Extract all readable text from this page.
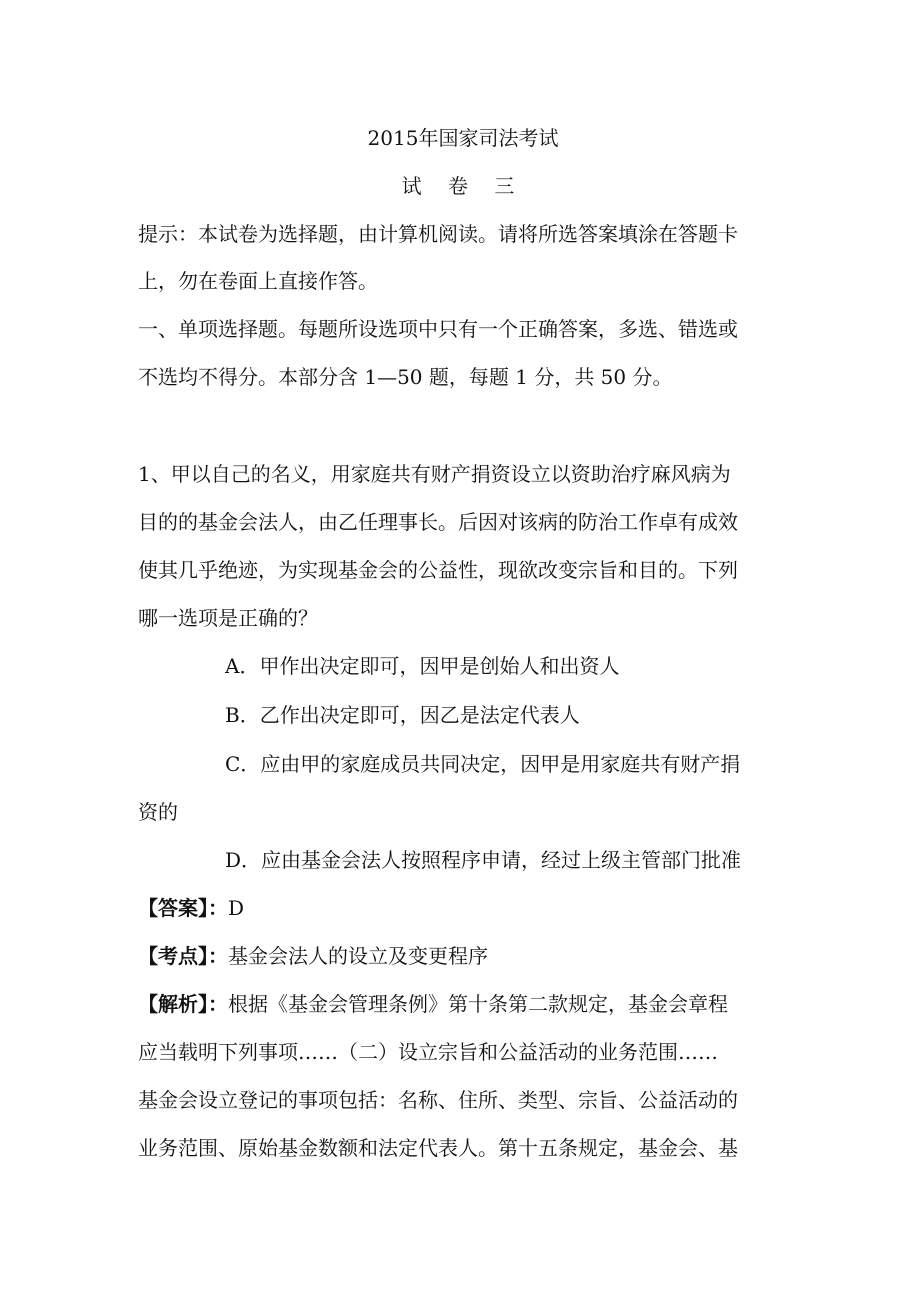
2015年国家司法考试
试 卷 三
提示：本试卷为选择题，由计算机阅读。请将所选答案填涂在答题卡
上，勿在卷面上直接作答。
一、单项选择题。每题所设选项中只有一个正确答案，多选、错选或
不选均不得分。本部分含 1—50 题，每题 1 分，共 50 分。
1、甲以自己的名义，用家庭共有财产捐资设立以资助治疗麻风病为
目的的基金会法人，由乙任理事长。后因对该病的防治工作卓有成效
使其几乎绝迹，为实现基金会的公益性，现欲改变宗旨和目的。下列
哪一选项是正确的？
A．甲作出决定即可，因甲是创始人和出资人
B．乙作出决定即可，因乙是法定代表人
C．应由甲的家庭成员共同决定，因甲是用家庭共有财产捐
资的
D．应由基金会法人按照程序申请，经过上级主管部门批准
【答案】：D
【考点】：基金会法人的设立及变更程序
【解析】：根据《基金会管理条例》第十条第二款规定，基金会章程
应当载明下列事项……（二）设立宗旨和公益活动的业务范围……
基金会设立登记的事项包括：名称、住所、类型、宗旨、公益活动的
业务范围、原始基金数额和法定代表人。第十五条规定，基金会、基
